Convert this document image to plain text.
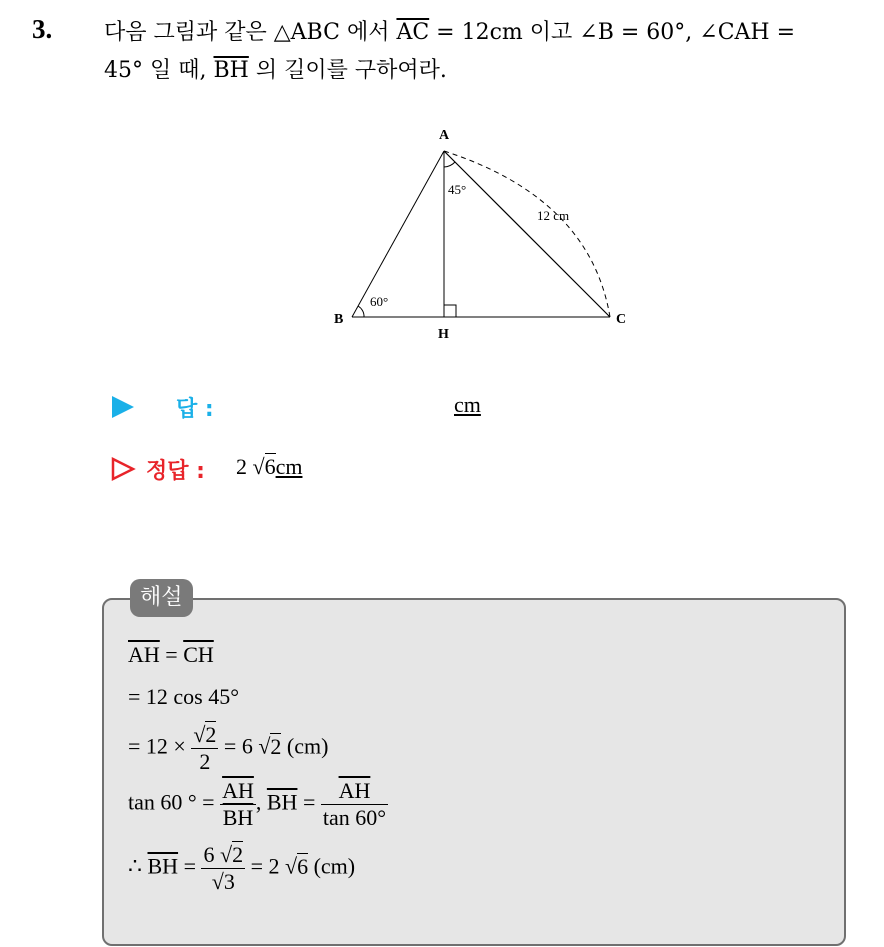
3. 다음 그림과 같은 △ABC 에서 $\overline{AC} = 12cm$ 이고 ∠B = 60°, ∠CAH =
45° 일 때, $\overline{BH}$ 의 길이를 구하여라.
A
B	C
H
45°
60°
12 cm
답 :	cm
정답 : 2 √6cm
해설
$\overline{AH} = \overline{CH}$
= 12 cos 45°
= $12 \times \frac{√2}{2} = 6$ √2 (cm)
tan 60 ° = $\frac{\overline{AH}}{BH}$ , $\overline{BH} = \frac{\overline{AH}}{\tan 60^\circ}$
∴ $\overline{BH} = \frac{6 √2}{√3} = 2$ √6 (cm)
